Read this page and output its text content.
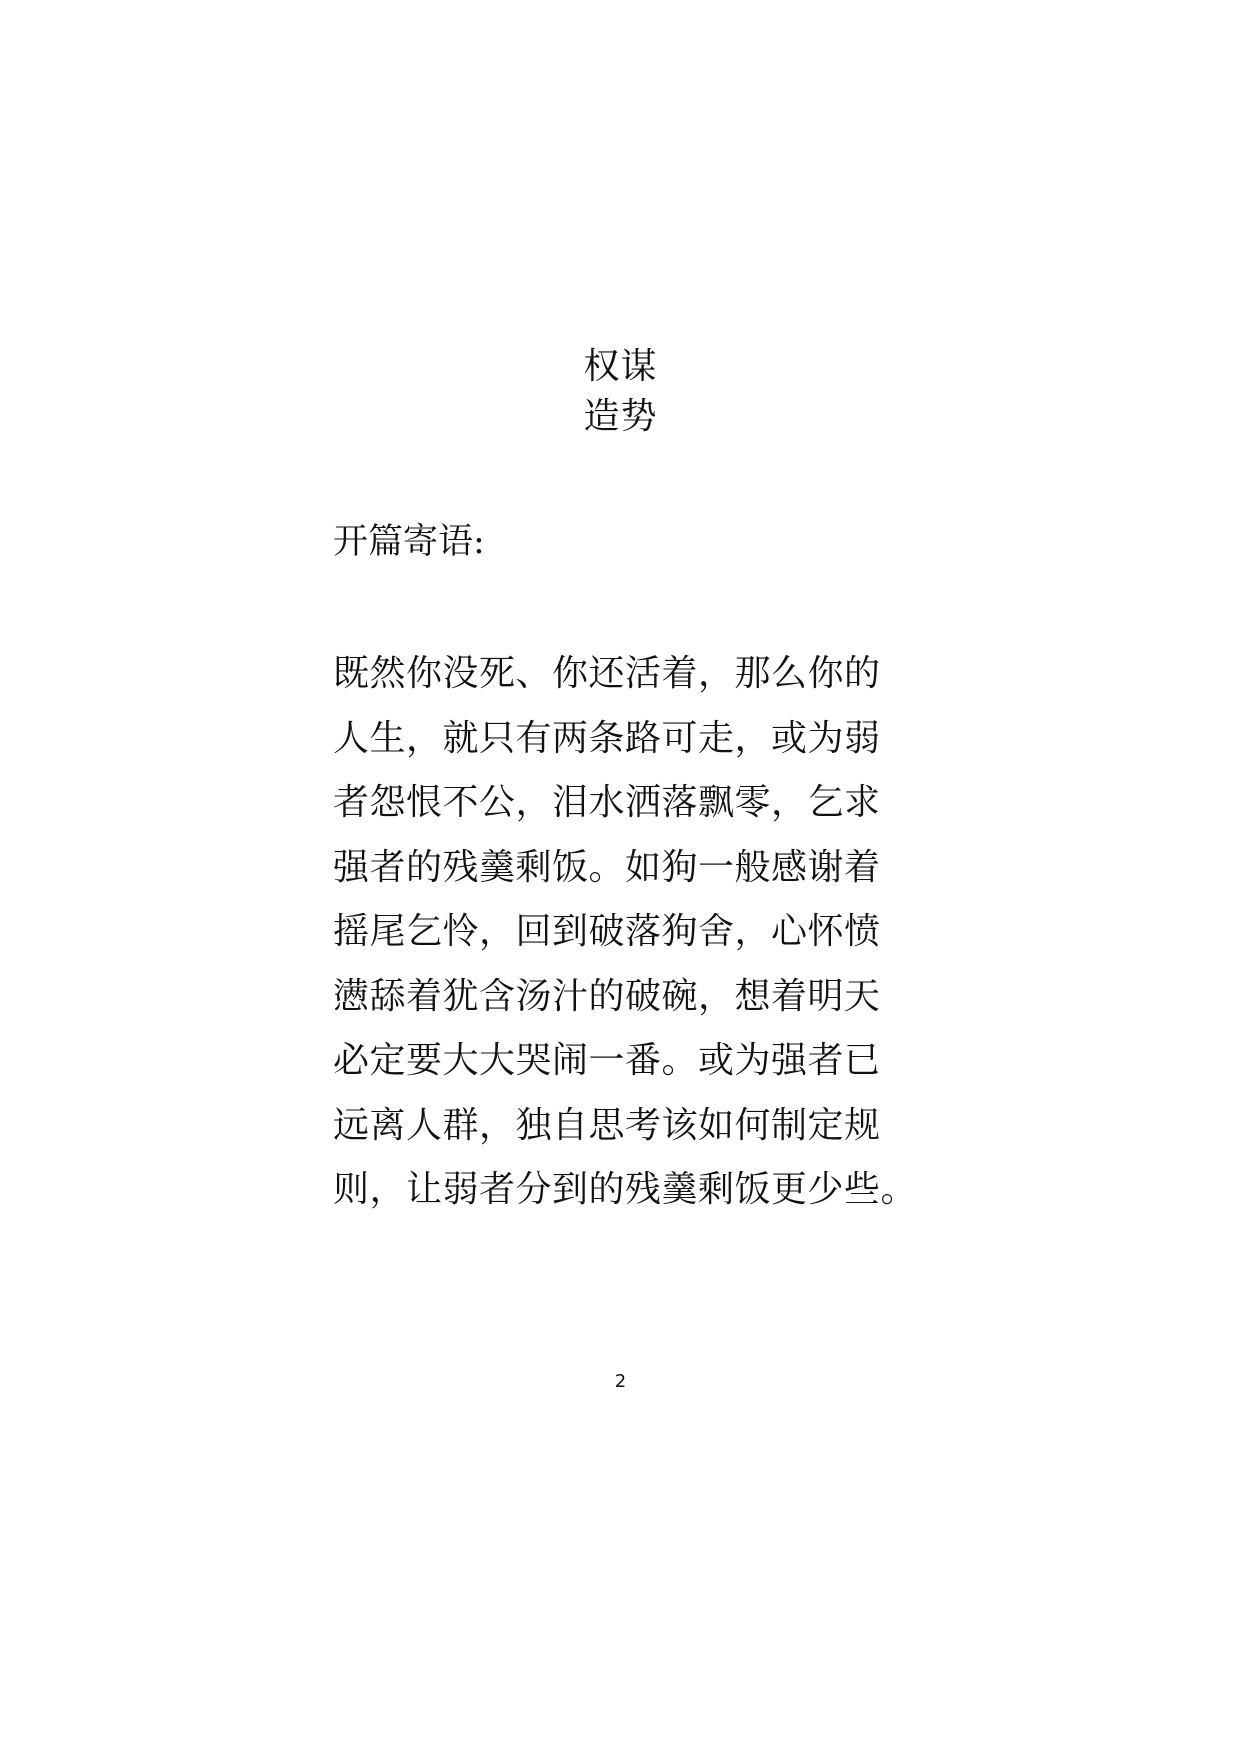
权谋
造势

开篇寄语:

既然你没死、你还活着，那么你的
人生，就只有两条路可走，或为弱
者怨恨不公，泪水洒落飘零，乞求
强者的残羹剩饭。如狗一般感谢着
摇尾乞怜，回到破落狗舍，心怀愤
懑舔着犹含汤汁的破碗，想着明天
必定要大大哭闹一番。或为强者已
远离人群，独自思考该如何制定规
则，让弱者分到的残羹剩饭更少些。
2
